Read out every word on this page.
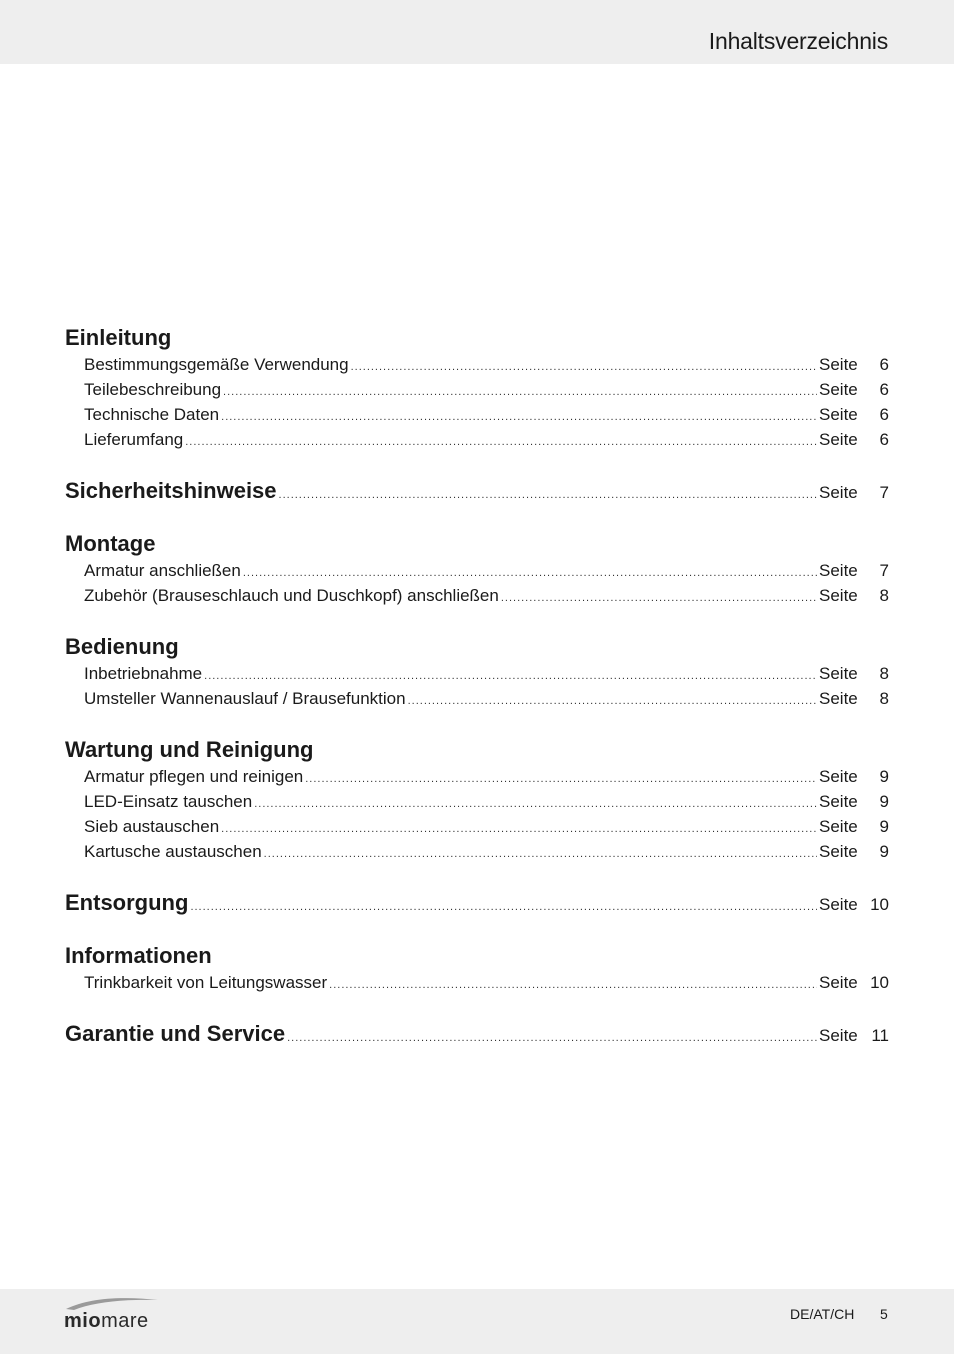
Inhaltsverzeichnis
Einleitung
Bestimmungsgemäße Verwendung .....	Seite	6
Teilebeschreibung .....	Seite	6
Technische Daten .....	Seite	6
Lieferumfang .....	Seite	6
Sicherheitshinweise .....	Seite	7
Montage
Armatur anschließen .....	Seite	7
Zubehör (Brauseschlauch und Duschkopf) anschließen .....	Seite	8
Bedienung
Inbetriebnahme .....	Seite	8
Umsteller Wannenauslauf / Brausefunktion .....	Seite	8
Wartung und Reinigung
Armatur pflegen und reinigen .....	Seite	9
LED-Einsatz tauschen .....	Seite	9
Sieb austauschen .....	Seite	9
Kartusche austauschen .....	Seite	9
Entsorgung .....	Seite 10
Informationen
Trinkbarkeit von Leitungswasser .....	Seite 10
Garantie und Service .....	Seite 11
miomare	DE/AT/CH 5
